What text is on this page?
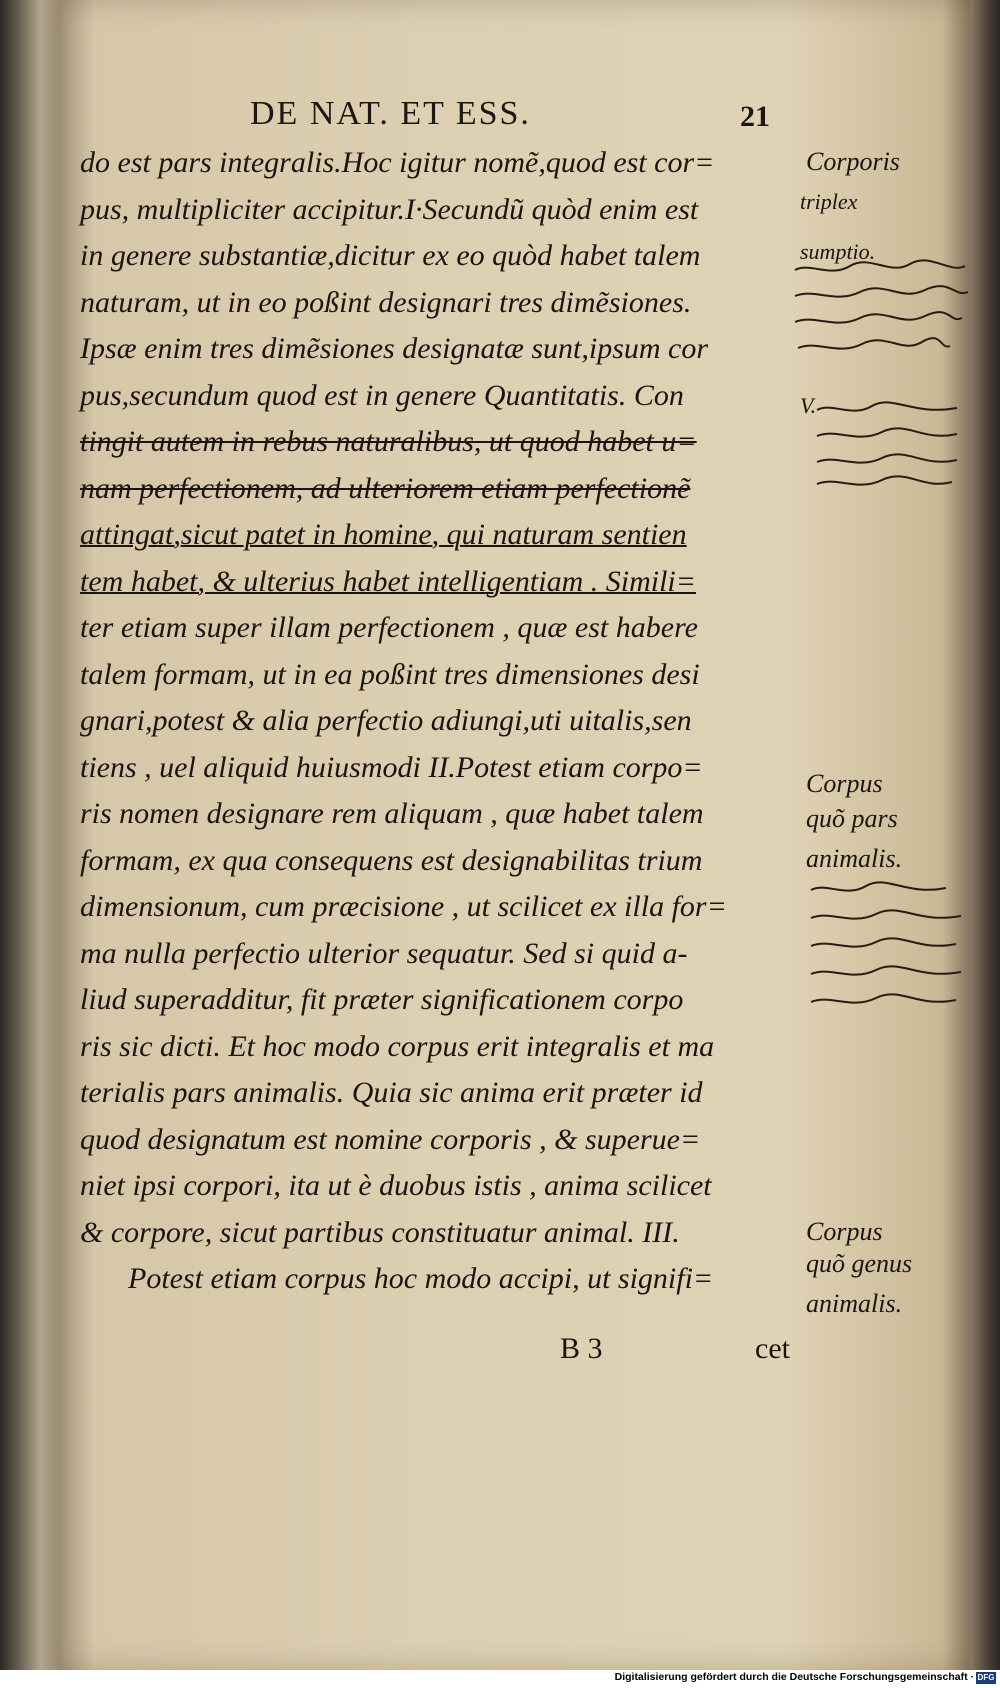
DE NAT. ET ESS.	21
do est pars integralis.Hoc igitur nomẽ,quod est cor=
pus, multipliciter accipitur.I·Secundũ quòd enim est
in genere substantiæ,dicitur ex eo quòd habet talem
naturam, ut in eo poßint designari tres dimẽsiones.
Ipsæ enim tres dimẽsiones designatæ sunt,ipsum cor
pus,secundum quod est in genere Quantitatis. Con
tingit autem in rebus naturalibus, ut quod habet u=
nam perfectionem, ad ulteriorem etiam perfectionẽ
attingat,sicut patet in homine, qui naturam sentien
tem habet, & ulterius habet intelligentiam . Simili=
ter etiam super illam perfectionem , quæ est habere
talem formam, ut in ea poßint tres dimensiones desi
gnari,potest & alia perfectio adiungi,uti uitalis,sen
tiens , uel aliquid huiusmodi II.Potest etiam corpo=
ris nomen designare rem aliquam , quæ habet talem
formam, ex qua consequens est designabilitas trium
dimensionum, cum præcisione , ut scilicet ex illa for=
ma nulla perfectio ulterior sequatur. Sed si quid a-
liud superadditur, fit præter significationem corpo
ris sic dicti. Et hoc modo corpus erit integralis et ma
terialis pars animalis. Quia sic anima erit præter id
quod designatum est nomine corporis , & superue=
niet ipsi corpori, ita ut è duobus istis , anima scilicet
& corpore, sicut partibus constituatur animal. III.
Potest etiam corpus hoc modo accipi, ut signifi=
B 3	cet
Corporis
Corpus
quõ pars
animalis.
Corpus
quõ genus
animalis.
triplex
sumptio.
V.
Digitalisierung gefördert durch die Deutsche Forschungsgemeinschaft · DFG
